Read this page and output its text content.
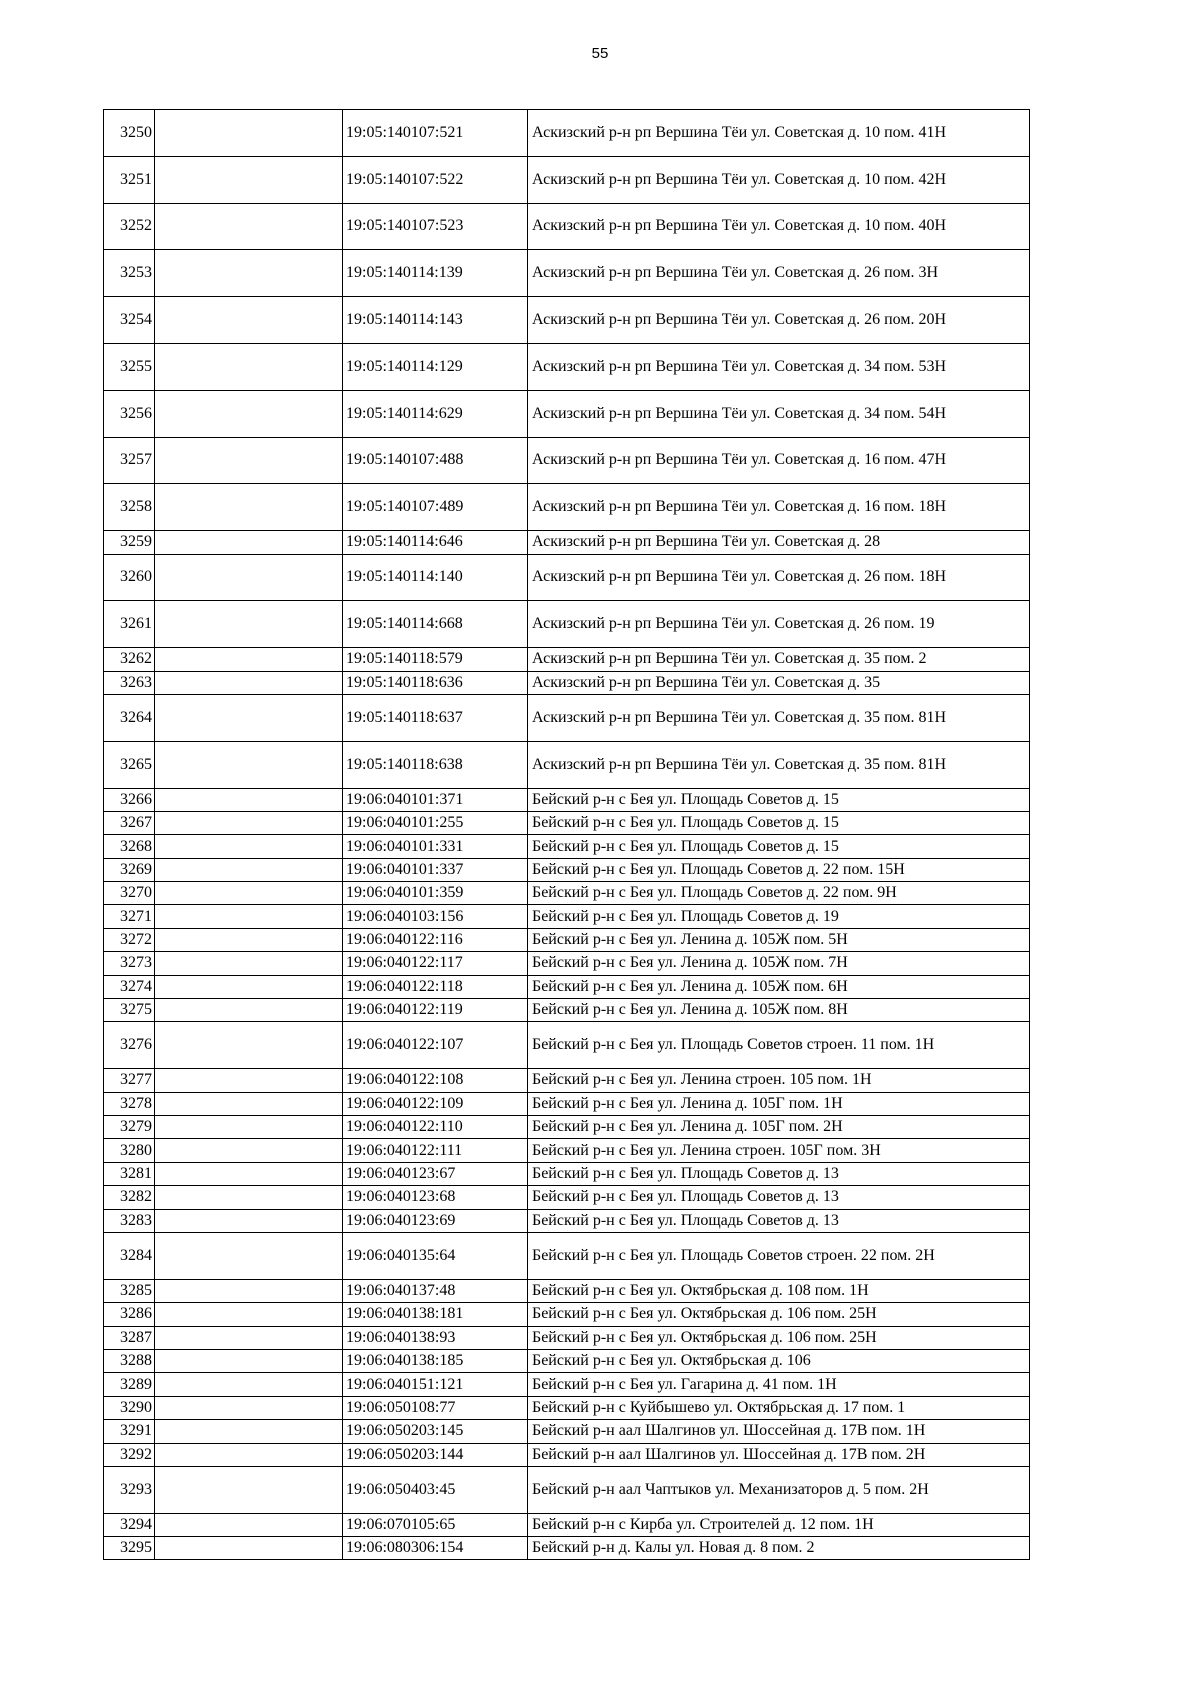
55
3250		19:05:140107:521	Аскизский р-н рп Вершина Тёи ул. Советская д. 10 пом. 41Н
3251		19:05:140107:522	Аскизский р-н рп Вершина Тёи ул. Советская д. 10 пом. 42Н
3252		19:05:140107:523	Аскизский р-н рп Вершина Тёи ул. Советская д. 10 пом. 40Н
3253		19:05:140114:139	Аскизский р-н рп Вершина Тёи ул. Советская д. 26 пом. 3Н
3254		19:05:140114:143	Аскизский р-н рп Вершина Тёи ул. Советская д. 26 пом. 20Н
3255		19:05:140114:129	Аскизский р-н рп Вершина Тёи ул. Советская д. 34 пом. 53Н
3256		19:05:140114:629	Аскизский р-н рп Вершина Тёи ул. Советская д. 34 пом. 54Н
3257		19:05:140107:488	Аскизский р-н рп Вершина Тёи ул. Советская д. 16 пом. 47Н
3258		19:05:140107:489	Аскизский р-н рп Вершина Тёи ул. Советская д. 16 пом. 18Н
3259		19:05:140114:646	Аскизский р-н рп Вершина Тёи ул. Советская д. 28
3260		19:05:140114:140	Аскизский р-н рп Вершина Тёи ул. Советская д. 26 пом. 18Н
3261		19:05:140114:668	Аскизский р-н рп Вершина Тёи ул. Советская д. 26 пом. 19
3262		19:05:140118:579	Аскизский р-н рп Вершина Тёи ул. Советская д. 35 пом. 2
3263		19:05:140118:636	Аскизский р-н рп Вершина Тёи ул. Советская д. 35
3264		19:05:140118:637	Аскизский р-н рп Вершина Тёи ул. Советская д. 35 пом. 81Н
3265		19:05:140118:638	Аскизский р-н рп Вершина Тёи ул. Советская д. 35 пом. 81Н
3266		19:06:040101:371	Бейский р-н с Бея ул. Площадь Советов д. 15
3267		19:06:040101:255	Бейский р-н с Бея ул. Площадь Советов д. 15
3268		19:06:040101:331	Бейский р-н с Бея ул. Площадь Советов д. 15
3269		19:06:040101:337	Бейский р-н с Бея ул. Площадь Советов д. 22 пом. 15Н
3270		19:06:040101:359	Бейский р-н с Бея ул. Площадь Советов д. 22 пом. 9Н
3271		19:06:040103:156	Бейский р-н с Бея ул. Площадь Советов д. 19
3272		19:06:040122:116	Бейский р-н с Бея ул. Ленина д. 105Ж пом. 5Н
3273		19:06:040122:117	Бейский р-н с Бея ул. Ленина д. 105Ж пом. 7Н
3274		19:06:040122:118	Бейский р-н с Бея ул. Ленина д. 105Ж пом. 6Н
3275		19:06:040122:119	Бейский р-н с Бея ул. Ленина д. 105Ж пом. 8Н
3276		19:06:040122:107	Бейский р-н с Бея ул. Площадь Советов строен. 11 пом. 1Н
3277		19:06:040122:108	Бейский р-н с Бея ул. Ленина строен. 105 пом. 1Н
3278		19:06:040122:109	Бейский р-н с Бея ул. Ленина д. 105Г пом. 1Н
3279		19:06:040122:110	Бейский р-н с Бея ул. Ленина д. 105Г пом. 2Н
3280		19:06:040122:111	Бейский р-н с Бея ул. Ленина строен. 105Г пом. 3Н
3281		19:06:040123:67	Бейский р-н с Бея ул. Площадь Советов д. 13
3282		19:06:040123:68	Бейский р-н с Бея ул. Площадь Советов д. 13
3283		19:06:040123:69	Бейский р-н с Бея ул. Площадь Советов д. 13
3284		19:06:040135:64	Бейский р-н с Бея ул. Площадь Советов строен. 22 пом. 2Н
3285		19:06:040137:48	Бейский р-н с Бея ул. Октябрьская д. 108 пом. 1Н
3286		19:06:040138:181	Бейский р-н с Бея ул. Октябрьская д. 106 пом. 25Н
3287		19:06:040138:93	Бейский р-н с Бея ул. Октябрьская д. 106 пом. 25Н
3288		19:06:040138:185	Бейский р-н с Бея ул. Октябрьская д. 106
3289		19:06:040151:121	Бейский р-н с Бея ул. Гагарина д. 41 пом. 1Н
3290		19:06:050108:77	Бейский р-н с Куйбышево ул. Октябрьская д. 17 пом. 1
3291		19:06:050203:145	Бейский р-н аал Шалгинов ул. Шоссейная д. 17В пом. 1Н
3292		19:06:050203:144	Бейский р-н аал Шалгинов ул. Шоссейная д. 17В пом. 2Н
3293		19:06:050403:45	Бейский р-н аал Чаптыков ул. Механизаторов д. 5 пом. 2Н
3294		19:06:070105:65	Бейский р-н с Кирба ул. Строителей д. 12 пом. 1Н
3295		19:06:080306:154	Бейский р-н д. Калы ул. Новая д. 8 пом. 2
